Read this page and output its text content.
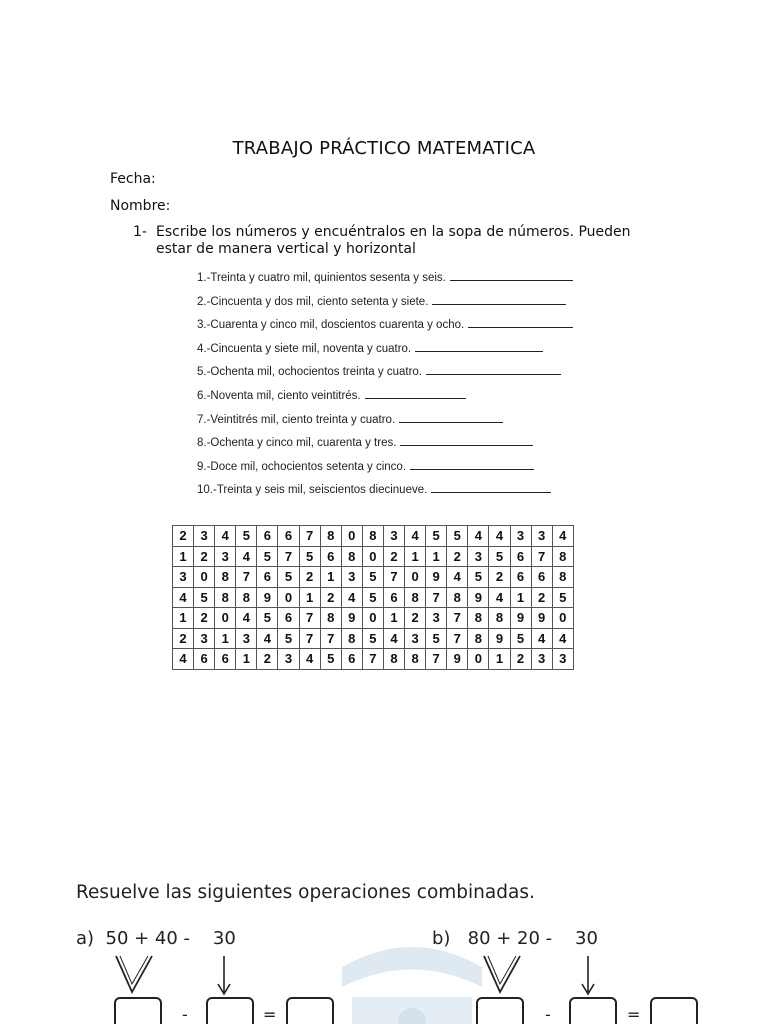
TRABAJO PRÁCTICO MATEMATICA
Fecha:
Nombre:
1- Escribe los números y encuéntralos en la sopa de números. Pueden estar de manera vertical y horizontal
1.-Treinta y cuatro mil, quinientos sesenta y seis.
2.-Cincuenta y dos mil, ciento setenta y siete.
3.-Cuarenta y cinco mil, doscientos cuarenta y ocho.
4.-Cincuenta y siete mil, noventa y cuatro.
5.-Ochenta mil, ochocientos treinta y cuatro.
6.-Noventa mil, ciento veintitrés.
7.-Veintitrés mil, ciento treinta y cuatro.
8.-Ochenta y cinco mil, cuarenta y tres.
9.-Doce mil, ochocientos setenta y cinco.
10.-Treinta y seis mil, seiscientos diecinueve.
2	3	4	5	6	6	7	8	0	8	3	4	5	5	4	4	3	3	4
1	2	3	4	5	7	5	6	8	0	2	1	1	2	3	5	6	7	8
3	0	8	7	6	5	2	1	3	5	7	0	9	4	5	2	6	6	8
4	5	8	8	9	0	1	2	4	5	6	8	7	8	9	4	1	2	5
1	2	0	4	5	6	7	8	9	0	1	2	3	7	8	8	9	9	0
2	3	1	3	4	5	7	7	8	5	4	3	5	7	8	9	5	4	4
4	6	6	1	2	3	4	5	6	7	8	8	7	9	0	1	2	3	3
Resuelve las siguientes operaciones combinadas.
a)  50 + 40 -    30	b)   80 + 20 -    30
-	=	-	=
